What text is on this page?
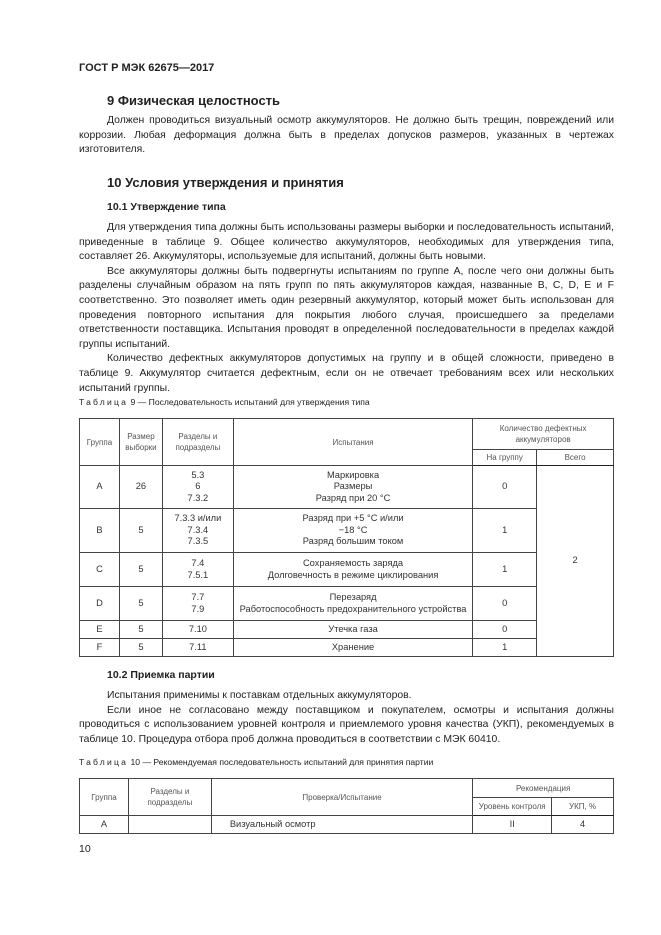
ГОСТ Р МЭК 62675—2017
9 Физическая целостность

Должен проводиться визуальный осмотр аккумуляторов. Не должно быть трещин, повреждений или коррозии. Любая деформация должна быть в пределах допусков размеров, указанных в чертежах изготовителя.

10 Условия утверждения и принятия
10.1 Утверждение типа

Для утверждения типа должны быть использованы размеры выборки и последовательность испытаний, приведенные в таблице 9. Общее количество аккумуляторов, необходимых для утверждения типа, составляет 26. Аккумуляторы, используемые для испытаний, должны быть новыми.

Все аккумуляторы должны быть подвергнуты испытаниям по группе А, после чего они должны быть разделены случайным образом на пять групп по пять аккумуляторов каждая, названные B, C, D, E и F соответственно. Это позволяет иметь один резервный аккумулятор, который может быть использован для проведения повторного испытания для покрытия любого случая, происшедшего за пределами ответственности поставщика. Испытания проводят в определенной последовательности в пределах каждой группы испытаний.

Количество дефектных аккумуляторов допустимых на группу и в общей сложности, приведено в таблице 9. Аккумулятор считается дефектным, если он не отвечает требованиям всех или нескольких испытаний группы.

Таблица 9 — Последовательность испытаний для утверждения типа
Группа	Размер выборки	Разделы и подразделы	Испытания	Количество дефектных аккумуляторов	
				На группу	Всего
A	26	5.3
6
7.3.2	Маркировка
Размеры
Разряд при 20 °С	0	2
B	5	7.3.3 и/или
7.3.4
7.3.5	Разряд при +5 °С и/или
−18 °С
Разряд большим током	1	
C	5	7.4
7.5.1	Сохраняемость заряда
Долговечность в режиме циклирования	1	
D	5	7.7
7.9	Перезаряд
Работоспособность предохранительного устройства	0	
E	5	7.10	Утечка газа	0	
F	5	7.11	Хранение	1	
10.2 Приемка партии

Испытания применимы к поставкам отдельных аккумуляторов.

Если иное не согласовано между поставщиком и покупателем, осмотры и испытания должны проводиться с использованием уровней контроля и приемлемого уровня качества (УКП), рекомендуемых в таблице 10. Процедура отбора проб должна проводиться в соответствии с МЭК 60410.

Таблица 10 — Рекомендуемая последовательность испытаний для принятия партии
Группа	Разделы и подразделы	Проверка/Испытание	Рекомендация	
			Уровень контроля	УКП, %
A		Визуальный осмотр	II	4
10
